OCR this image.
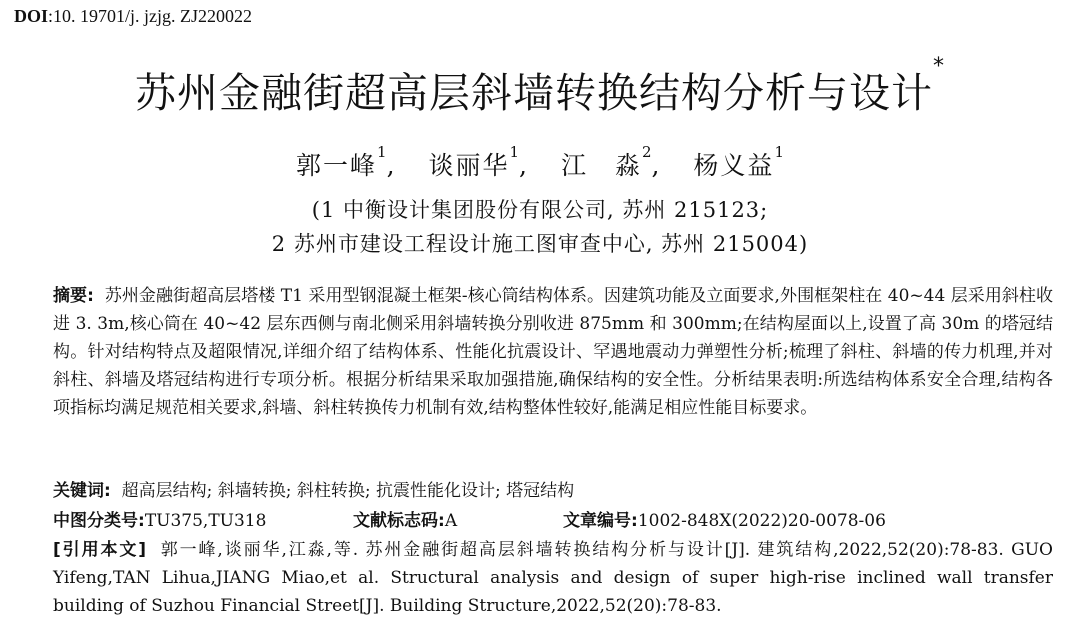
DOI:10. 19701/j. jzjg. ZJ220022
苏州金融街超高层斜墙转换结构分析与设计*
郭一峰$^1$, 谈丽华$^1$, 江　淼$^2$, 杨义益$^1$
(1 中衡设计集团股份有限公司, 苏州 215123;
2 苏州市建设工程设计施工图审查中心, 苏州 215004)
摘要: 苏州金融街超高层塔楼 T1 采用型钢混凝土框架-核心筒结构体系。因建筑功能及立面要求,外围框架柱在 40~44 层采用斜柱收进 3. 3m,核心筒在 40~42 层东西侧与南北侧采用斜墙转换分别收进 875mm 和 300mm;在结构屋面以上,设置了高 30m 的塔冠结构。针对结构特点及超限情况,详细介绍了结构体系、性能化抗震设计、罕遇地震动力弹塑性分析;梳理了斜柱、斜墙的传力机理,并对斜柱、斜墙及塔冠结构进行专项分析。根据分析结果采取加强措施,确保结构的安全性。分析结果表明:所选结构体系安全合理,结构各项指标均满足规范相关要求,斜墙、斜柱转换传力机制有效,结构整体性较好,能满足相应性能目标要求。
关键词: 超高层结构; 斜墙转换; 斜柱转换; 抗震性能化设计; 塔冠结构
中图分类号:TU375,TU318	文献标志码:A	文章编号:1002-848X(2022)20-0078-06
[引用本文] 郭一峰,谈丽华,江淼,等. 苏州金融街超高层斜墙转换结构分析与设计[J]. 建筑结构,2022,52(20):78-83. GUO Yifeng,TAN Lihua,JIANG Miao,et al. Structural analysis and design of super high-rise inclined wall transfer building of Suzhou Financial Street[J]. Building Structure,2022,52(20):78-83.
